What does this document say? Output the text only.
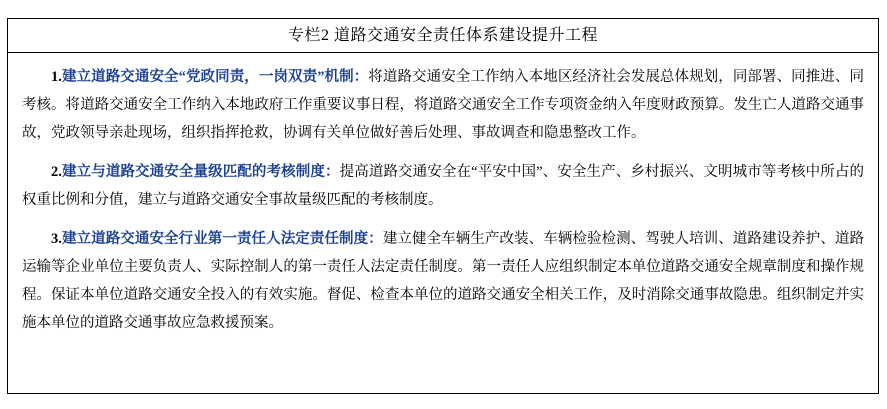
专栏2 道路交通安全责任体系建设提升工程

1.建立道路交通安全“党政同责，一岗双责”机制：将道路交通安全工作纳入本地区经济社会发展总体规划，同部署、同推进、同考核。将道路交通安全工作纳入本地政府工作重要议事日程，将道路交通安全工作专项资金纳入年度财政预算。发生亡人道路交通事故，党政领导亲赴现场，组织指挥抢救，协调有关单位做好善后处理、事故调查和隐患整改工作。

2.建立与道路交通安全量级匹配的考核制度：提高道路交通安全在“平安中国”、安全生产、乡村振兴、文明城市等考核中所占的权重比例和分值，建立与道路交通安全事故量级匹配的考核制度。

3.建立道路交通安全行业第一责任人法定责任制度：建立健全车辆生产改装、车辆检验检测、驾驶人培训、道路建设养护、道路运输等企业单位主要负责人、实际控制人的第一责任人法定责任制度。第一责任人应组织制定本单位道路交通安全规章制度和操作规程。保证本单位道路交通安全投入的有效实施。督促、检查本单位的道路交通安全相关工作，及时消除交通事故隐患。组织制定并实施本单位的道路交通事故应急救援预案。
